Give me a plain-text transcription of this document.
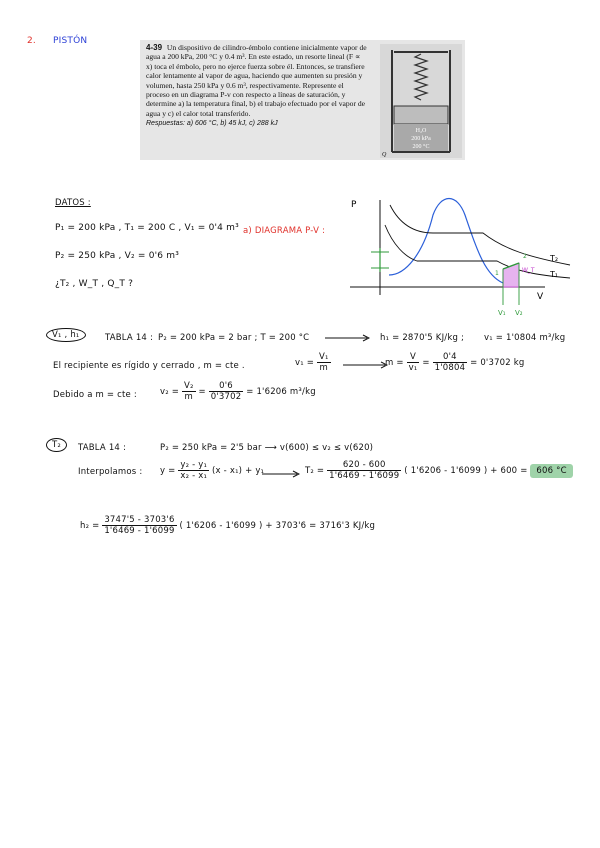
2. PISTÓN
4-39 Un dispositivo de cilindro-émbolo contiene inicialmente vapor de agua a 200 kPa, 200 °C y 0.4 m³. En este estado, un resorte lineal (F ∝ x) toca el émbolo, pero no ejerce fuerza sobre él. Entonces, se transfiere calor lentamente al vapor de agua, haciendo que aumenten su presión y volumen, hasta 250 kPa y 0.6 m³, respectivamente. Represente el proceso en un diagrama P-v con respecto a líneas de saturación, y determine a) la temperatura final, b) el trabajo efectuado por el vapor de agua y c) el calor total transferido.
Respuestas: a) 606 °C, b) 45 kJ, c) 288 kJ
H₂O
200 kPa
200 °C
Q
DATOS :
P₁ = 200 kPa , T₁ = 200 C , V₁ = 0'4 m³
P₂ = 250 kPa , V₂ = 0'6 m³
¿T₂ , W_T , Q_T ?
a) DIAGRAMA P-V :
P
V
1
2
W_T
V₁ V₂
T₂
T₁
V₁ , h₁	TABLA 14 : P₂ = 200 kPa = 2 bar ; T = 200 °C	h₁ = 2870'5 KJ/kg ; v₁ = 1'0804 m³/kg
El recipiente es rígido y cerrado , m = cte .	$v_1 = \frac{\text{V₁}}{m}$	$m = \frac{V}{\text{v₁}} = \frac{0'4}{1'0804} = 0'3702$ kg
Debido a m = cte :	$v_2 = \frac{\text{V₂}}{m} = \frac{0'6}{0'3702} = 1'6206$ m³/kg
T₂	TABLA 14 :	P₂ = 250 kPa = 2'5 bar ⟶ v(600) ≤ v₂ ≤ v(620)
Interpolamos : $y = \frac{\text{y₂ - y₁}}{\text{x₂ - x₁}} (x - x_1) + y_1$	$T_2 = \frac{620 - 600}{1'6469 - 1'6099}$ ( 1'6206 - 1'6099 ) + 600 = 606 °C
$h_2 = \frac{3747'5 - 3703'6}{1'6469 - 1'6099}$ ( 1'6206 - 1'6099 ) + 3703'6 = 3716'3 KJ/kg
